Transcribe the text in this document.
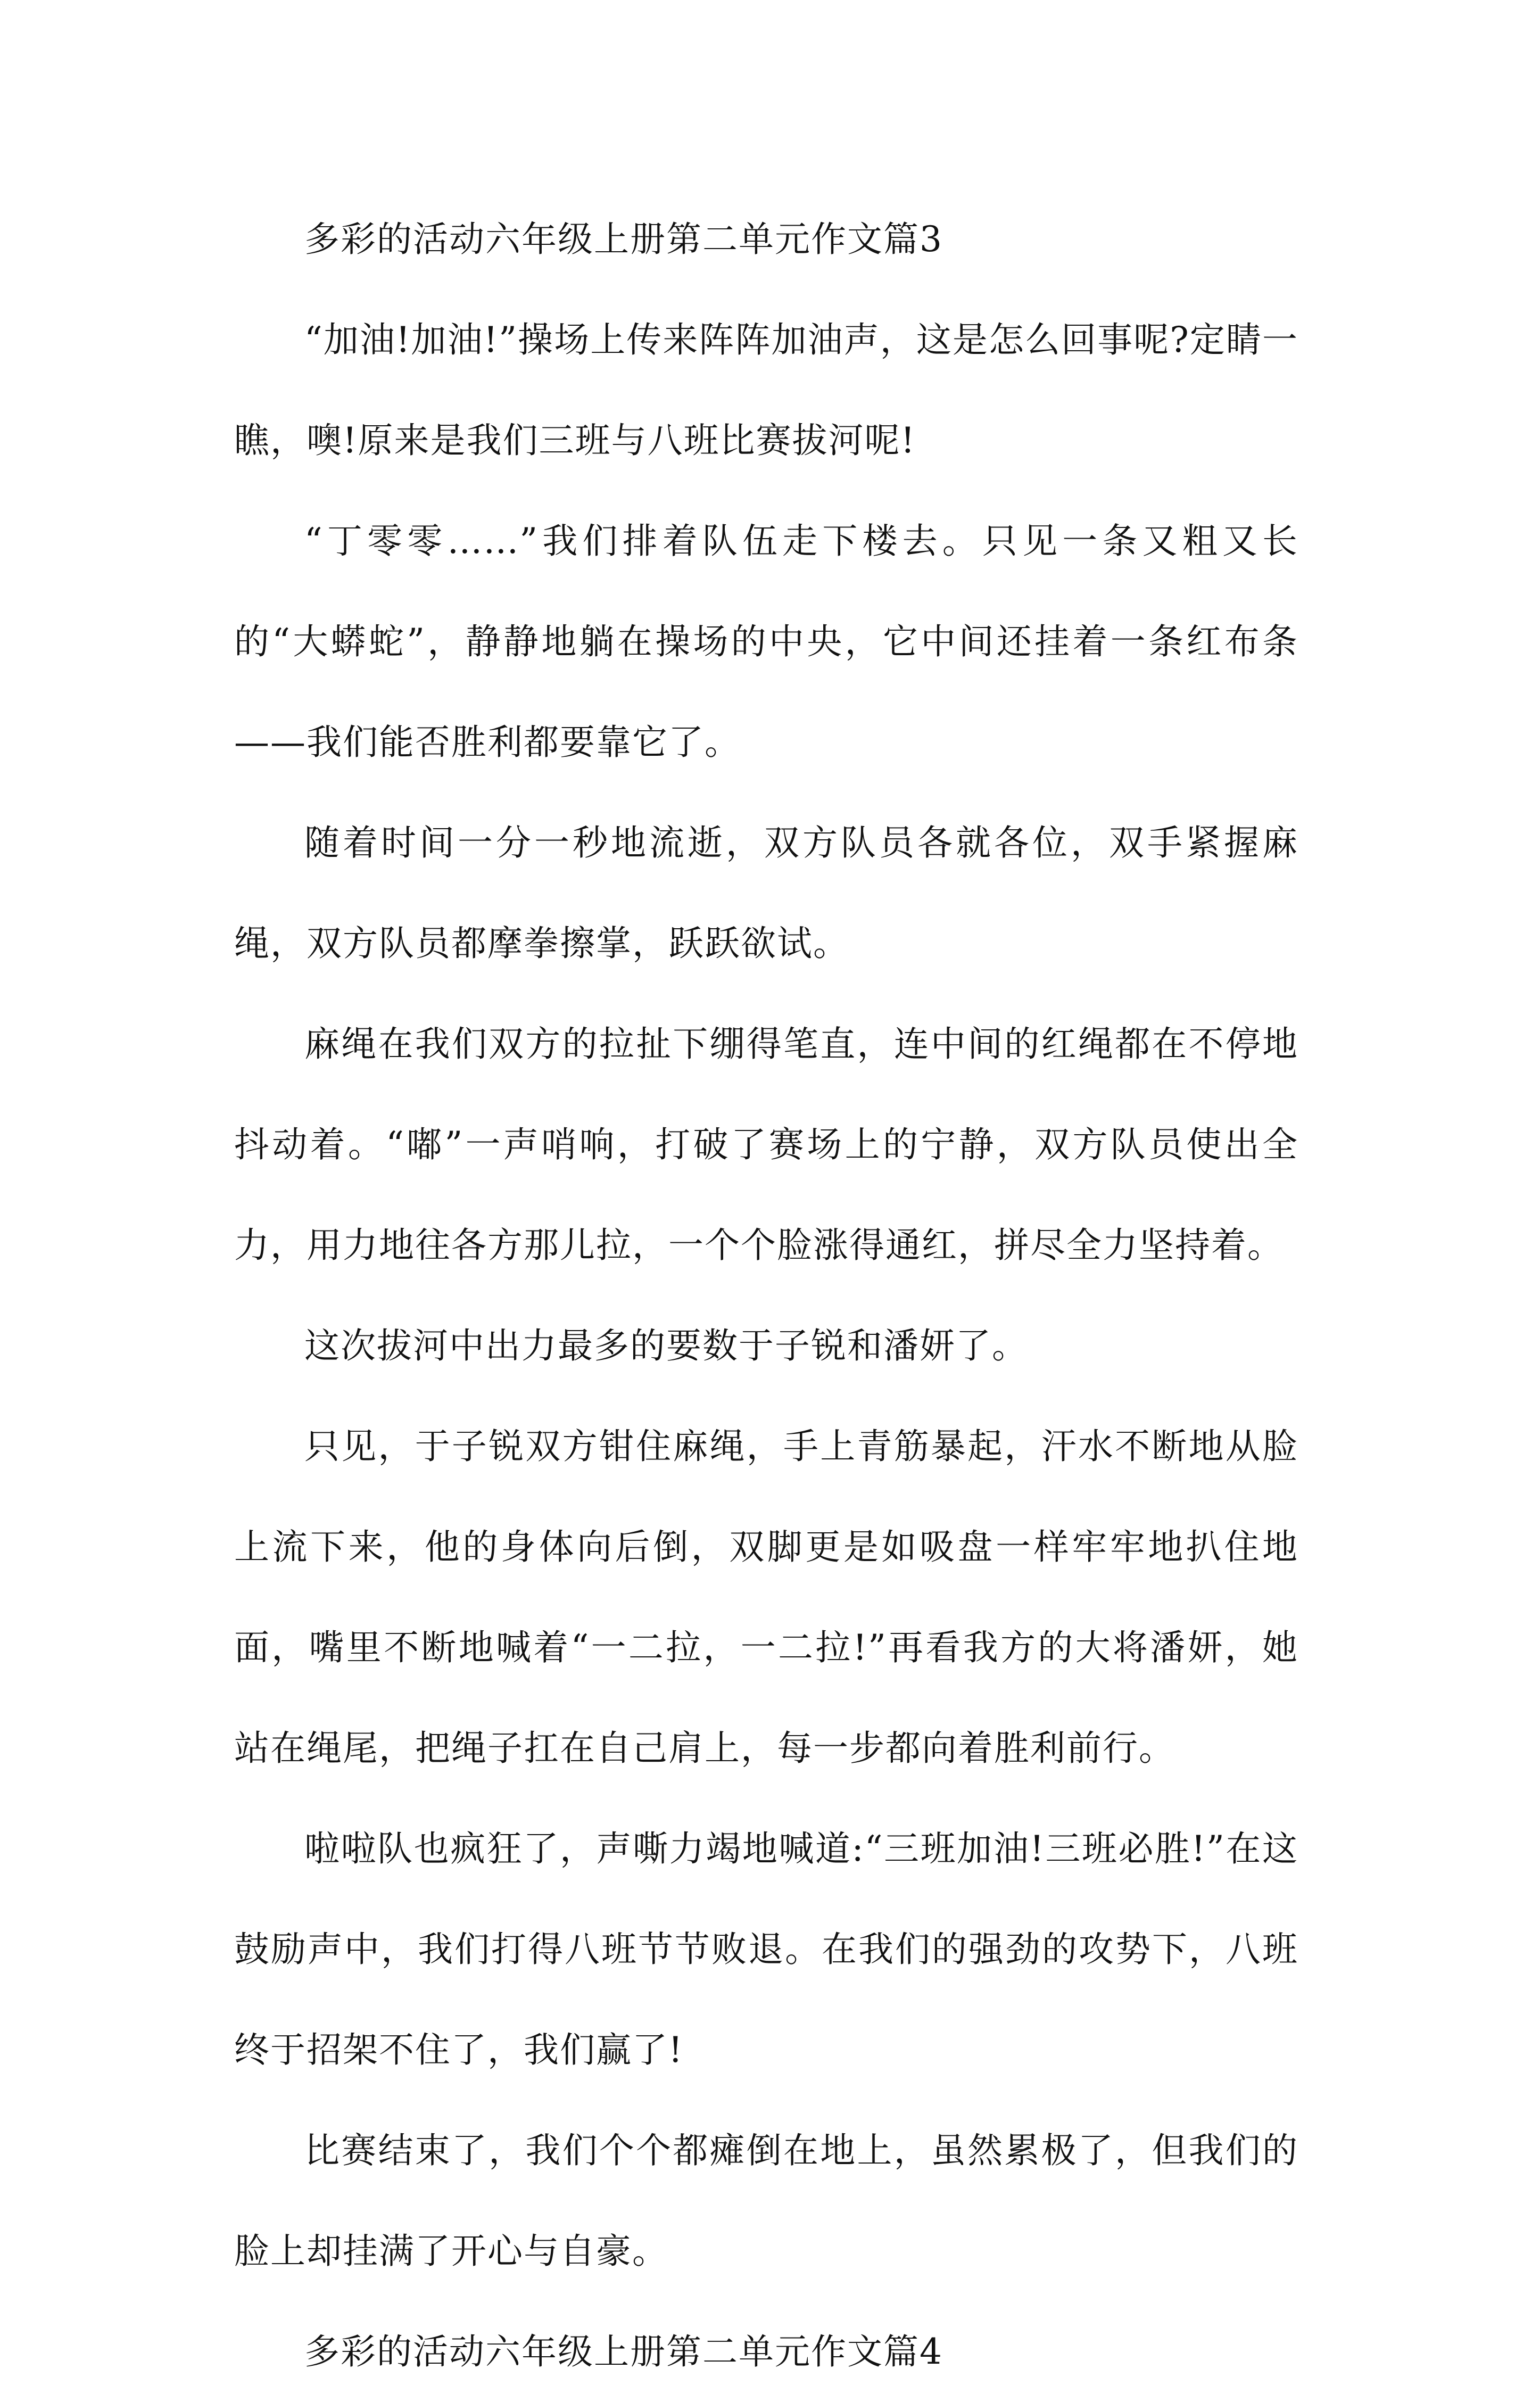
多彩的活动六年级上册第二单元作文篇3

“加油!加油!”操场上传来阵阵加油声，这是怎么回事呢?定睛一瞧，噢!原来是我们三班与八班比赛拔河呢!

“丁零零……”我们排着队伍走下楼去。只见一条又粗又长的“大蟒蛇”，静静地躺在操场的中央，它中间还挂着一条红布条——我们能否胜利都要靠它了。

随着时间一分一秒地流逝，双方队员各就各位，双手紧握麻绳，双方队员都摩拳擦掌，跃跃欲试。

麻绳在我们双方的拉扯下绷得笔直，连中间的红绳都在不停地抖动着。“嘟”一声哨响，打破了赛场上的宁静，双方队员使出全力，用力地往各方那儿拉，一个个脸涨得通红，拼尽全力坚持着。

这次拔河中出力最多的要数于子锐和潘妍了。

只见，于子锐双方钳住麻绳，手上青筋暴起，汗水不断地从脸上流下来，他的身体向后倒，双脚更是如吸盘一样牢牢地扒住地面，嘴里不断地喊着“一二拉，一二拉!”再看我方的大将潘妍，她站在绳尾，把绳子扛在自己肩上，每一步都向着胜利前行。

啦啦队也疯狂了，声嘶力竭地喊道:“三班加油!三班必胜!”在这鼓励声中，我们打得八班节节败退。在我们的强劲的攻势下，八班终于招架不住了，我们赢了!

比赛结束了，我们个个都瘫倒在地上，虽然累极了，但我们的脸上却挂满了开心与自豪。

多彩的活动六年级上册第二单元作文篇4
